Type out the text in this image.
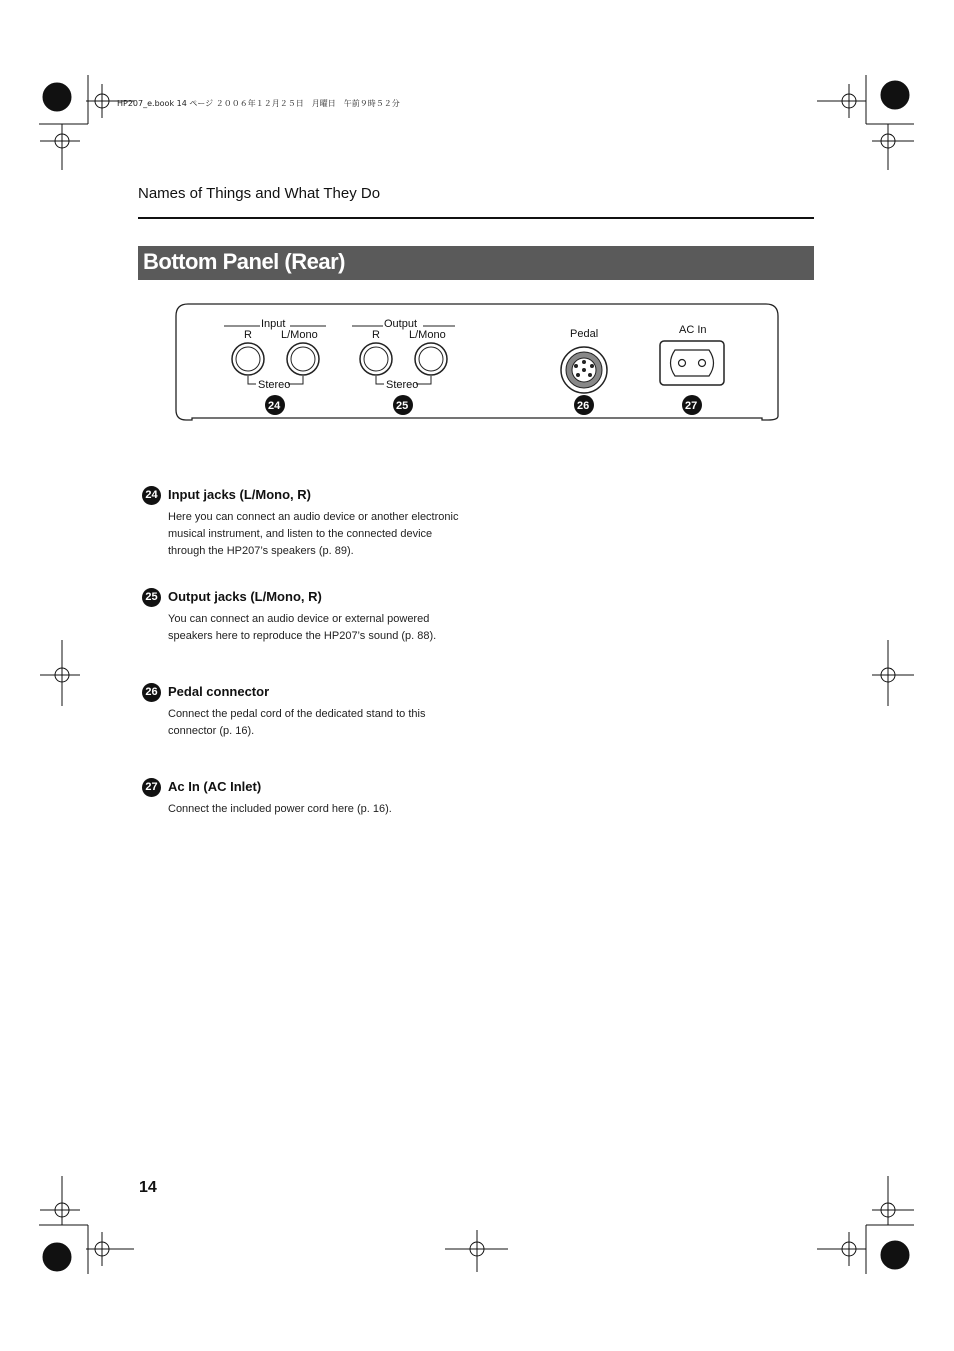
HP207_e.book 14 ページ ２００６年１２月２５日　月曜日　午前９時５２分
Names of Things and What They Do
Bottom Panel (Rear)
Input
R	L/Mono
Stereo
24
Output
R	L/Mono
Stereo
25
Pedal
26
AC In
27
24 Input jacks (L/Mono, R)
Here you can connect an audio device or another electronic musical instrument, and listen to the connected device through the HP207’s speakers (p. 89).
25 Output jacks (L/Mono, R)
You can connect an audio device or external powered speakers here to reproduce the HP207’s sound (p. 88).
26 Pedal connector
Connect the pedal cord of the dedicated stand to this connector (p. 16).
27 Ac In (AC Inlet)
Connect the included power cord here (p. 16).
14
